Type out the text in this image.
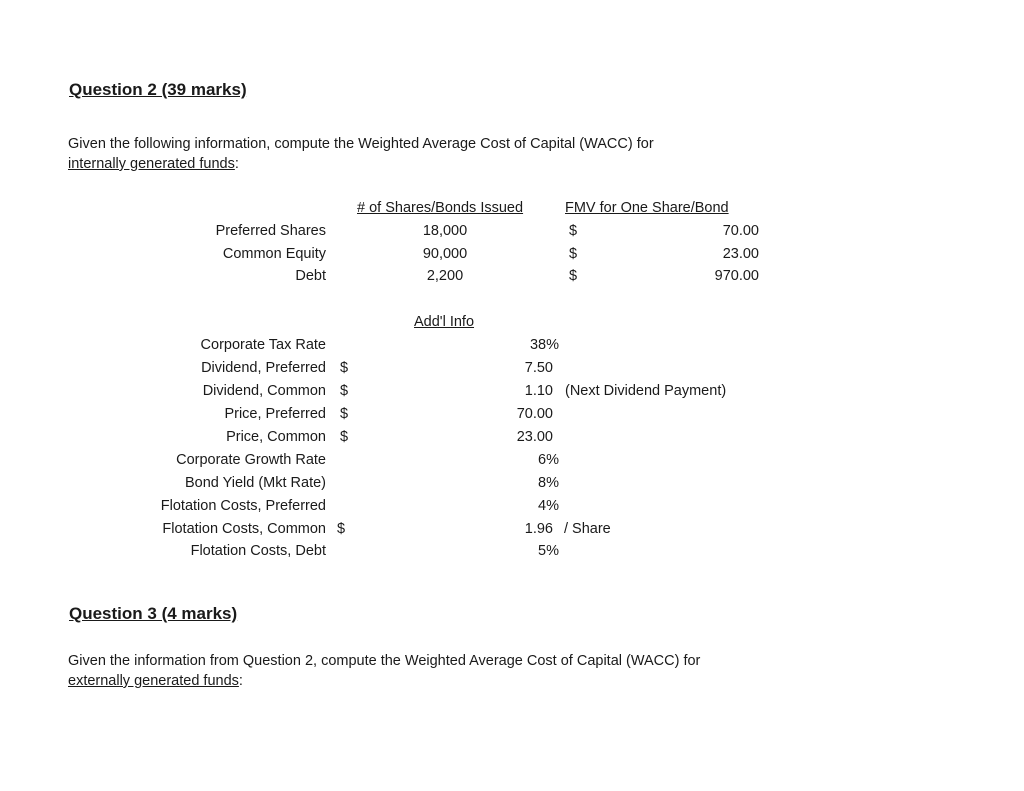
Question 2 (39 marks)
Given the following information, compute the Weighted Average Cost of Capital (WACC) for
internally generated funds:
# of Shares/Bonds Issued	FMV for One Share/Bond
Preferred Shares	18,000	$	70.00
Common Equity	90,000	$	23.00
Debt	2,200	$	970.00
Add'l Info
Corporate Tax Rate	38%
Dividend, Preferred $	7.50
Dividend, Common $	1.10 (Next Dividend Payment)
Price, Preferred $	70.00
Price, Common $	23.00
Corporate Growth Rate	6%
Bond Yield (Mkt Rate)	8%
Flotation Costs, Preferred	4%
Flotation Costs, Common $	1.96 / Share
Flotation Costs, Debt	5%
Question 3 (4 marks)
Given the information from Question 2, compute the Weighted Average Cost of Capital (WACC) for
externally generated funds:
